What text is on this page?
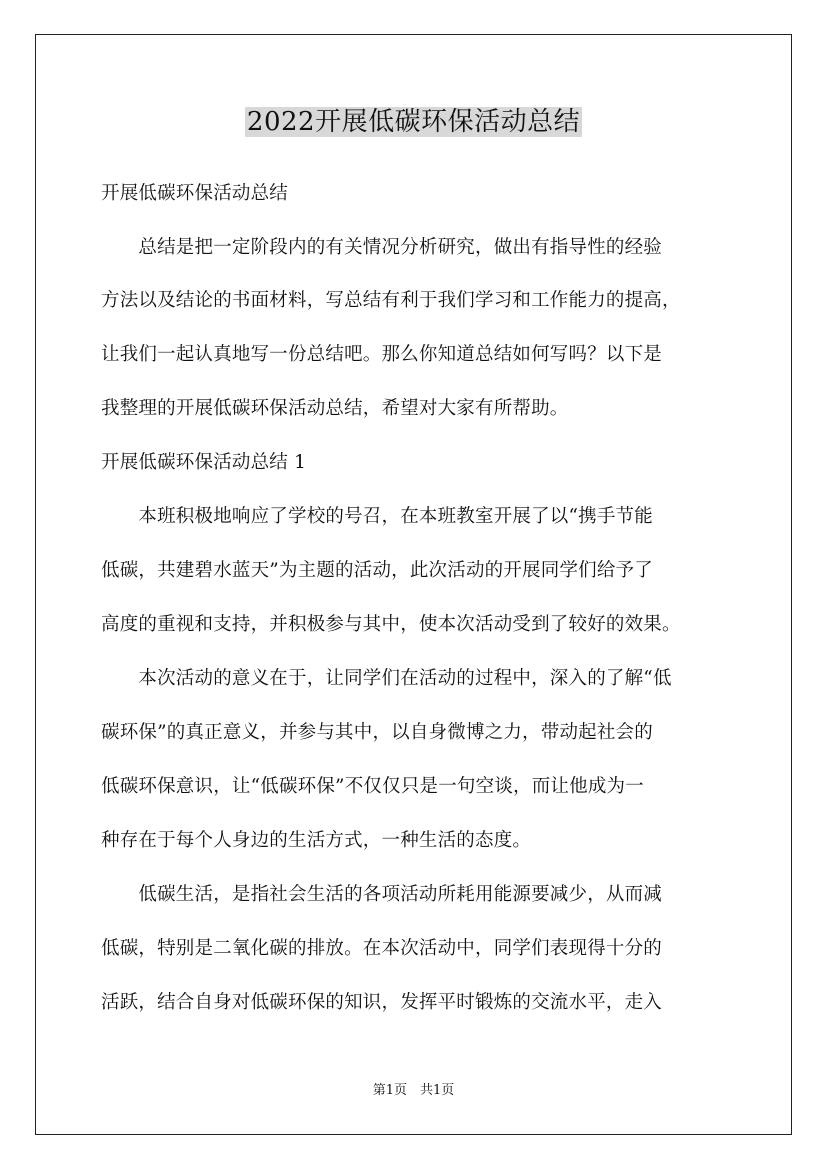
2022开展低碳环保活动总结
开展低碳环保活动总结
　　总结是把一定阶段内的有关情况分析研究，做出有指导性的经验
方法以及结论的书面材料，写总结有利于我们学习和工作能力的提高，
让我们一起认真地写一份总结吧。那么你知道总结如何写吗？以下是
我整理的开展低碳环保活动总结，希望对大家有所帮助。
开展低碳环保活动总结 1
　　本班积极地响应了学校的号召，在本班教室开展了以“携手节能
低碳，共建碧水蓝天”为主题的活动，此次活动的开展同学们给予了
高度的重视和支持，并积极参与其中，使本次活动受到了较好的效果。
　　本次活动的意义在于，让同学们在活动的过程中，深入的了解“低
碳环保”的真正意义，并参与其中，以自身微博之力，带动起社会的
低碳环保意识，让“低碳环保”不仅仅只是一句空谈，而让他成为一
种存在于每个人身边的生活方式，一种生活的态度。
　　低碳生活，是指社会生活的各项活动所耗用能源要减少，从而减
低碳，特别是二氧化碳的排放。在本次活动中，同学们表现得十分的
活跃，结合自身对低碳环保的知识，发挥平时锻炼的交流水平，走入
第1页　共1页
